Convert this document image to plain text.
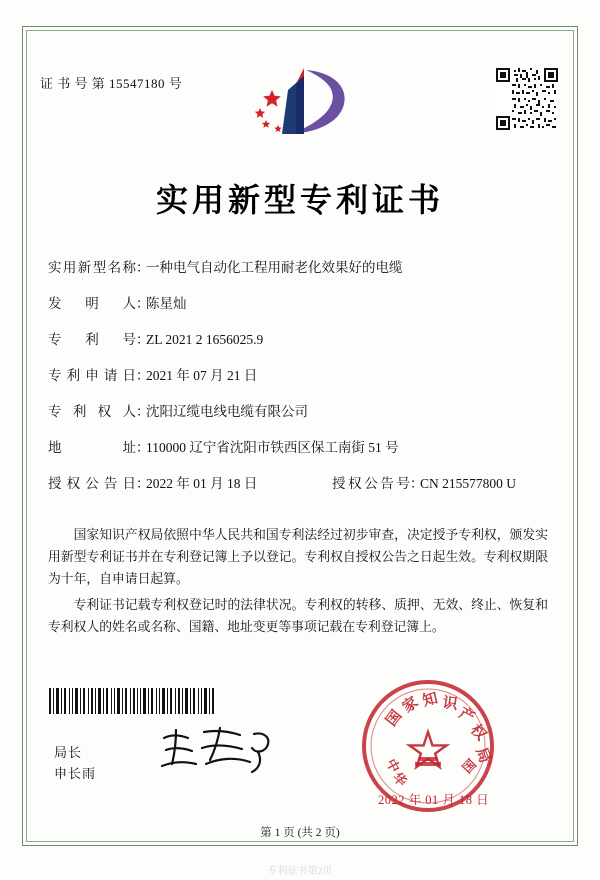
证 书 号 第 15547180 号
实用新型专利证书
实用新型名称：一种电气自动化工程用耐老化效果好的电缆
发 明 人：陈星灿
专 利 号：ZL 2021 2 1656025.9
专利申请日：2021 年 07 月 21 日
专 利 权 人：沈阳辽缆电线电缆有限公司
地 址：110000 辽宁省沈阳市铁西区保工南街 51 号
授权公告日：2022 年 01 月 18 日	授权公告号：CN 215577800 U

国家知识产权局依照中华人民共和国专利法经过初步审查，决定授予专利权，颁发实用新型专利证书并在专利登记簿上予以登记。专利权自授权公告之日起生效。专利权期限为十年，自申请日起算。

专利证书记载专利权登记时的法律状况。专利权的转移、质押、无效、终止、恢复和专利权人的姓名或名称、国籍、地址变更等事项记载在专利登记簿上。

国
家 知 识
产
权
局
中
华
国
局长
申长雨
2022 年 01 月 18 日
第 1 页 (共 2 页)
专利证书第2页
